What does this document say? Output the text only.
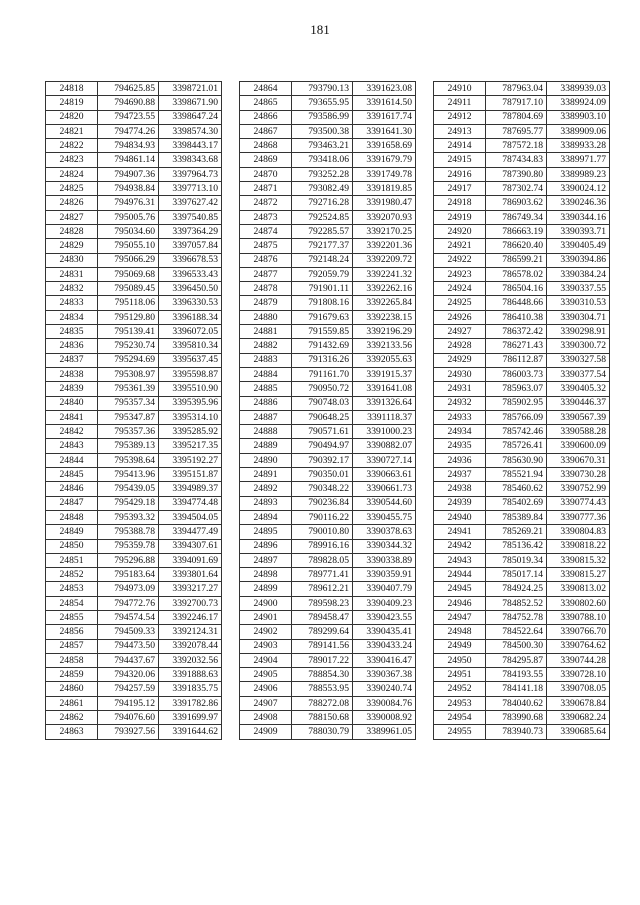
181
24818	794625.85	3398721.01
24819	794690.88	3398671.90
24820	794723.55	3398647.24
24821	794774.26	3398574.30
24822	794834.93	3398443.17
24823	794861.14	3398343.68
24824	794907.36	3397964.73
24825	794938.84	3397713.10
24826	794976.31	3397627.42
24827	795005.76	3397540.85
24828	795034.60	3397364.29
24829	795055.10	3397057.84
24830	795066.29	3396678.53
24831	795069.68	3396533.43
24832	795089.45	3396450.50
24833	795118.06	3396330.53
24834	795129.80	3396188.34
24835	795139.41	3396072.05
24836	795230.74	3395810.34
24837	795294.69	3395637.45
24838	795308.97	3395598.87
24839	795361.39	3395510.90
24840	795357.34	3395395.96
24841	795347.87	3395314.10
24842	795357.36	3395285.92
24843	795389.13	3395217.35
24844	795398.64	3395192.27
24845	795413.96	3395151.87
24846	795439.05	3394989.37
24847	795429.18	3394774.48
24848	795393.32	3394504.05
24849	795388.78	3394477.49
24850	795359.78	3394307.61
24851	795296.88	3394091.69
24852	795183.64	3393801.64
24853	794973.09	3393217.27
24854	794772.76	3392700.73
24855	794574.54	3392246.17
24856	794509.33	3392124.31
24857	794473.50	3392078.44
24858	794437.67	3392032.56
24859	794320.06	3391888.63
24860	794257.59	3391835.75
24861	794195.12	3391782.86
24862	794076.60	3391699.97
24863	793927.56	3391644.62
24864	793790.13	3391623.08
24865	793655.95	3391614.50
24866	793586.99	3391617.74
24867	793500.38	3391641.30
24868	793463.21	3391658.69
24869	793418.06	3391679.79
24870	793252.28	3391749.78
24871	793082.49	3391819.85
24872	792716.28	3391980.47
24873	792524.85	3392070.93
24874	792285.57	3392170.25
24875	792177.37	3392201.36
24876	792148.24	3392209.72
24877	792059.79	3392241.32
24878	791901.11	3392262.16
24879	791808.16	3392265.84
24880	791679.63	3392238.15
24881	791559.85	3392196.29
24882	791432.69	3392133.56
24883	791316.26	3392055.63
24884	791161.70	3391915.37
24885	790950.72	3391641.08
24886	790748.03	3391326.64
24887	790648.25	3391118.37
24888	790571.61	3391000.23
24889	790494.97	3390882.07
24890	790392.17	3390727.14
24891	790350.01	3390663.61
24892	790348.22	3390661.73
24893	790236.84	3390544.60
24894	790116.22	3390455.75
24895	790010.80	3390378.63
24896	789916.16	3390344.32
24897	789828.05	3390338.89
24898	789771.41	3390359.91
24899	789612.21	3390407.79
24900	789598.23	3390409.23
24901	789458.47	3390423.55
24902	789299.64	3390435.41
24903	789141.56	3390433.24
24904	789017.22	3390416.47
24905	788854.30	3390367.38
24906	788553.95	3390240.74
24907	788272.08	3390084.76
24908	788150.68	3390008.92
24909	788030.79	3389961.05
24910	787963.04	3389939.03
24911	787917.10	3389924.09
24912	787804.69	3389903.10
24913	787695.77	3389909.06
24914	787572.18	3389933.28
24915	787434.83	3389971.77
24916	787390.80	3389989.23
24917	787302.74	3390024.12
24918	786903.62	3390246.36
24919	786749.34	3390344.16
24920	786663.19	3390393.71
24921	786620.40	3390405.49
24922	786599.21	3390394.86
24923	786578.02	3390384.24
24924	786504.16	3390337.55
24925	786448.66	3390310.53
24926	786410.38	3390304.71
24927	786372.42	3390298.91
24928	786271.43	3390300.72
24929	786112.87	3390327.58
24930	786003.73	3390377.54
24931	785963.07	3390405.32
24932	785902.95	3390446.37
24933	785766.09	3390567.39
24934	785742.46	3390588.28
24935	785726.41	3390600.09
24936	785630.90	3390670.31
24937	785521.94	3390730.28
24938	785460.62	3390752.99
24939	785402.69	3390774.43
24940	785389.84	3390777.36
24941	785269.21	3390804.83
24942	785136.42	3390818.22
24943	785019.34	3390815.32
24944	785017.14	3390815.27
24945	784924.25	3390813.02
24946	784852.52	3390802.60
24947	784752.78	3390788.10
24948	784522.64	3390766.70
24949	784500.30	3390764.62
24950	784295.87	3390744.28
24951	784193.55	3390728.10
24952	784141.18	3390708.05
24953	784040.62	3390678.84
24954	783990.68	3390682.24
24955	783940.73	3390685.64
